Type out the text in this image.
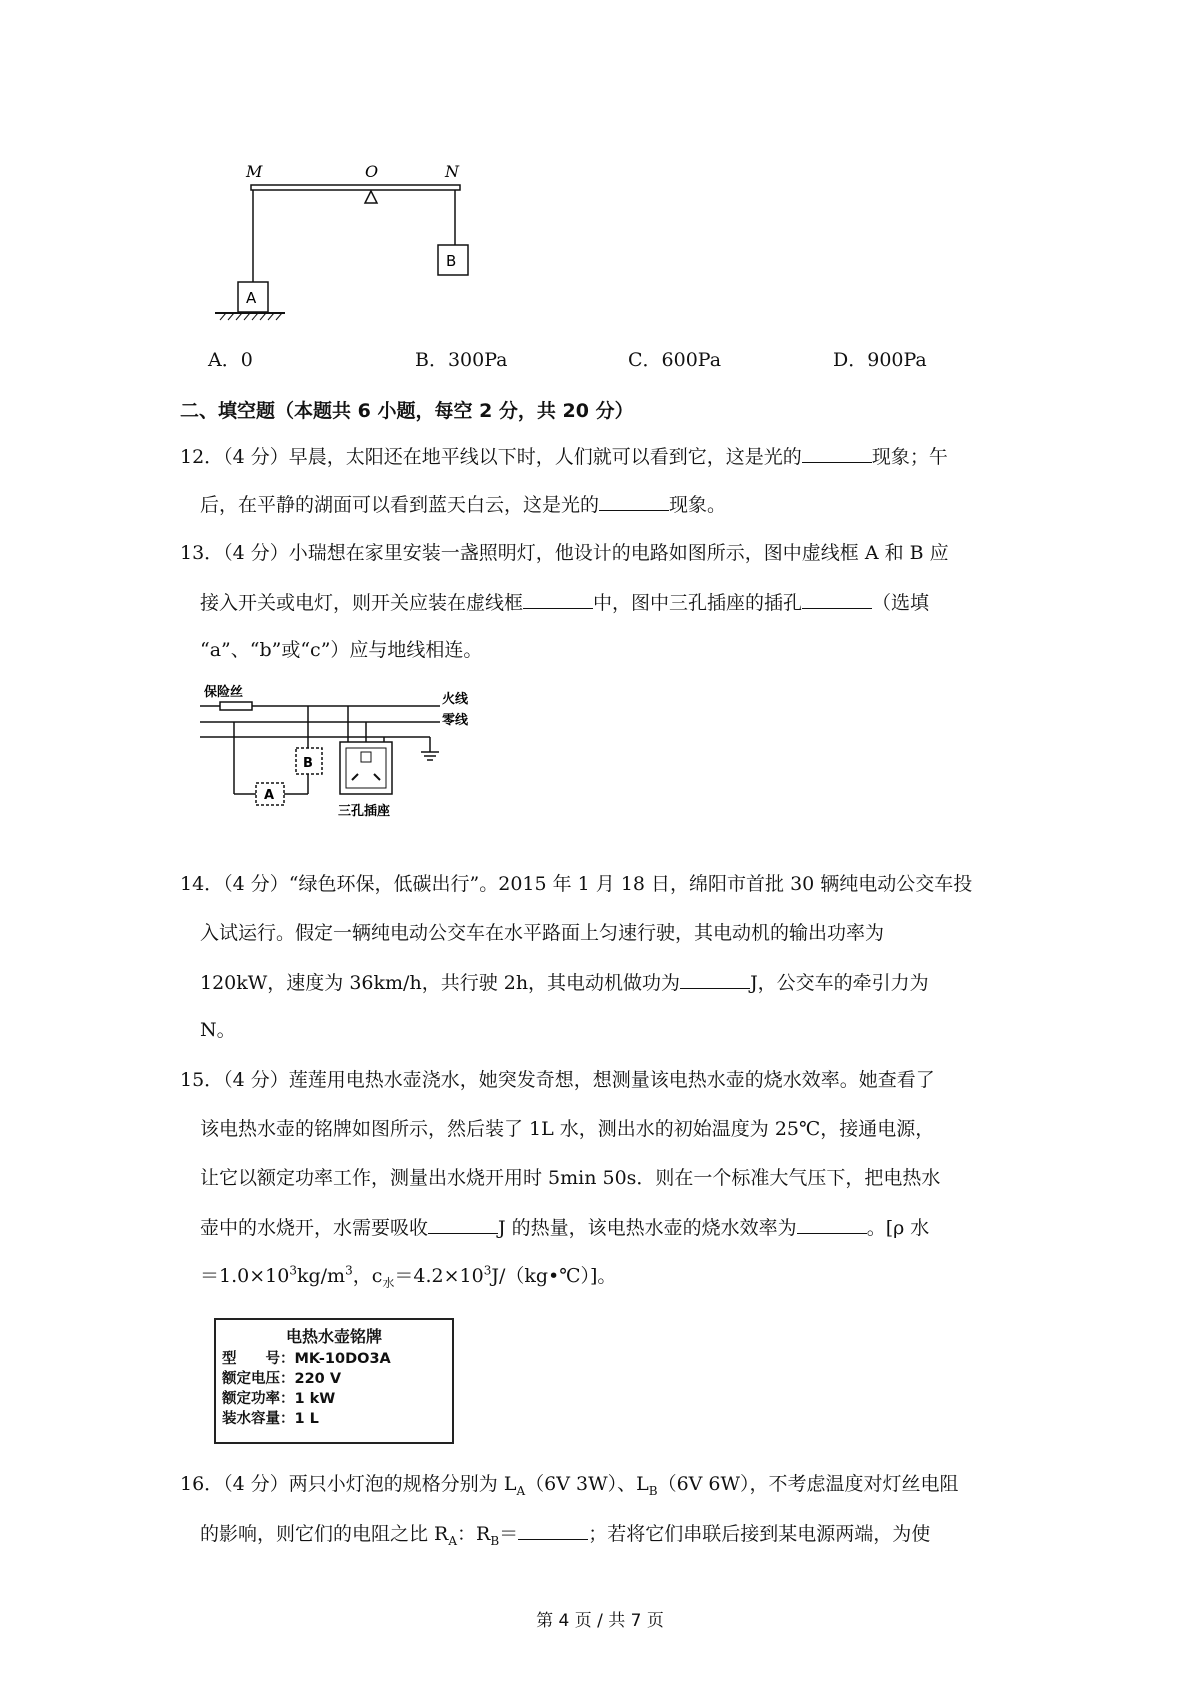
M	O	N
B
A
A．0	B．300Pa	C．600Pa	D．900Pa
二、填空题（本题共 6 小题，每空 2 分，共 20 分）
12．（4 分）早晨，太阳还在地平线以下时，人们就可以看到它，这是光的	现象；午
后，在平静的湖面可以看到蓝天白云，这是光的	现象。
13．（4 分）小瑞想在家里安装一盏照明灯，他设计的电路如图所示，图中虚线框 A 和 B 应
接入开关或电灯，则开关应装在虚线框	中，图中三孔插座的插孔	（选填
“a”、“b”或“c”）应与地线相连。
保险丝	火线
零线
B
A
三孔插座
14．（4 分）“绿色环保，低碳出行”。2015 年 1 月 18 日，绵阳市首批 30 辆纯电动公交车投
入试运行。假定一辆纯电动公交车在水平路面上匀速行驶，其电动机的输出功率为
120kW，速度为 36km/h，共行驶 2h，其电动机做功为	J，公交车的牵引力为
N。
15．（4 分）莲莲用电热水壶浇水，她突发奇想，想测量该电热水壶的烧水效率。她查看了
该电热水壶的铭牌如图所示，然后装了 1L 水，测出水的初始温度为 25℃，接通电源，
让它以额定功率工作，测量出水烧开用时 5min 50s．则在一个标准大气压下，把电热水
壶中的水烧开，水需要吸收	J 的热量，该电热水壶的烧水效率为	。[ρ 水
$=1.0\times 10^3kg/m^3$，$c_水=4.2\times 10^3J/(kg•℃)$]。
电热水壶铭牌
型　　号：MK-10DO3A
额定电压：220 V
额定功率：1 kW
装水容量：1 L
16．（4 分）两只小灯泡的规格分别为 $L_A(6V$ 3W）、$L_B(6V$ 6W），不考虑温度对灯丝电阻
的影响，则它们的电阻之比 $R_A$：$R_B=$	；若将它们串联后接到某电源两端，为使
第 4 页 / 共 7 页
